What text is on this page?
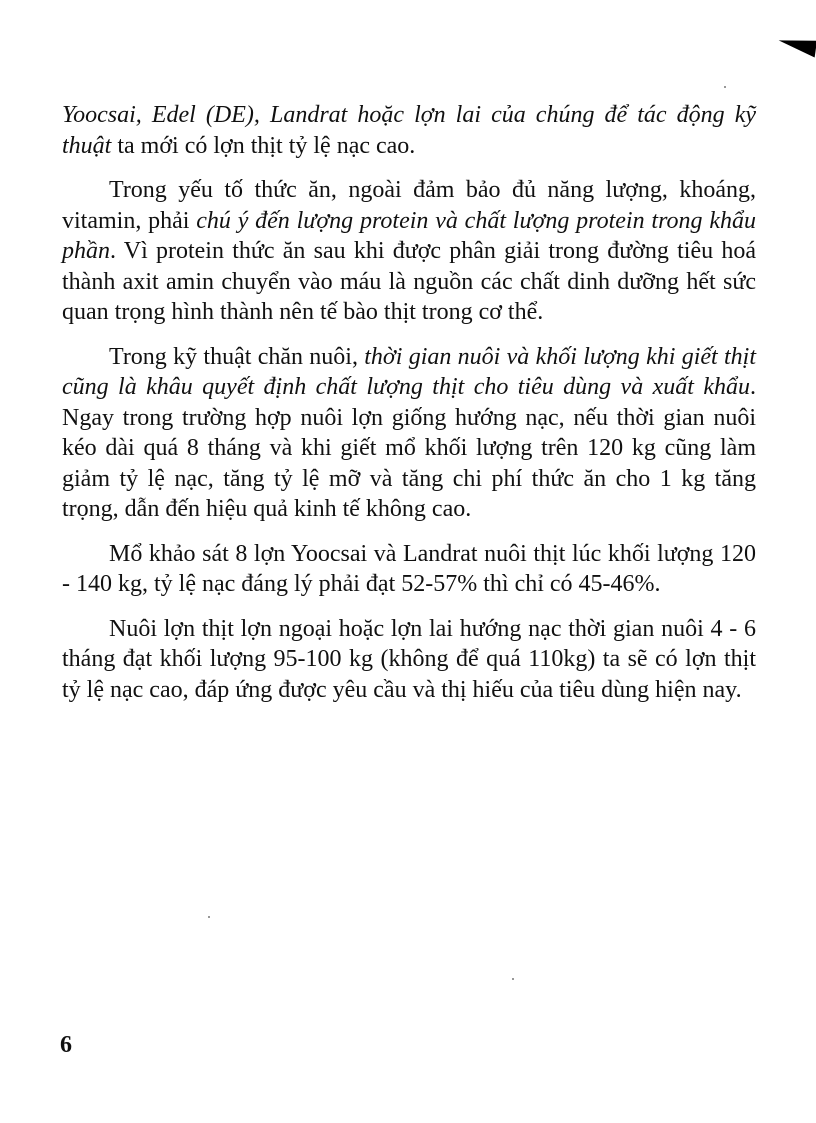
Yoocsai, Edel (DE), Landrat hoặc lợn lai của chúng để tác động kỹ thuật ta mới có lợn thịt tỷ lệ nạc cao.

Trong yếu tố thức ăn, ngoài đảm bảo đủ năng lượng, khoáng, vitamin, phải chú ý đến lượng protein và chất lượng protein trong khẩu phần. Vì protein thức ăn sau khi được phân giải trong đường tiêu hoá thành axit amin chuyển vào máu là nguồn các chất dinh dưỡng hết sức quan trọng hình thành nên tế bào thịt trong cơ thể.

Trong kỹ thuật chăn nuôi, thời gian nuôi và khối lượng khi giết thịt cũng là khâu quyết định chất lượng thịt cho tiêu dùng và xuất khẩu. Ngay trong trường hợp nuôi lợn giống hướng nạc, nếu thời gian nuôi kéo dài quá 8 tháng và khi giết mổ khối lượng trên 120 kg cũng làm giảm tỷ lệ nạc, tăng tỷ lệ mỡ và tăng chi phí thức ăn cho 1 kg tăng trọng, dẫn đến hiệu quả kinh tế không cao.

Mổ khảo sát 8 lợn Yoocsai và Landrat nuôi thịt lúc khối lượng 120 - 140 kg, tỷ lệ nạc đáng lý phải đạt 52-57% thì chỉ có 45-46%.

Nuôi lợn thịt lợn ngoại hoặc lợn lai hướng nạc thời gian nuôi 4 - 6 tháng đạt khối lượng 95-100 kg (không để quá 110kg) ta sẽ có lợn thịt tỷ lệ nạc cao, đáp ứng được yêu cầu và thị hiếu của tiêu dùng hiện nay.

6
